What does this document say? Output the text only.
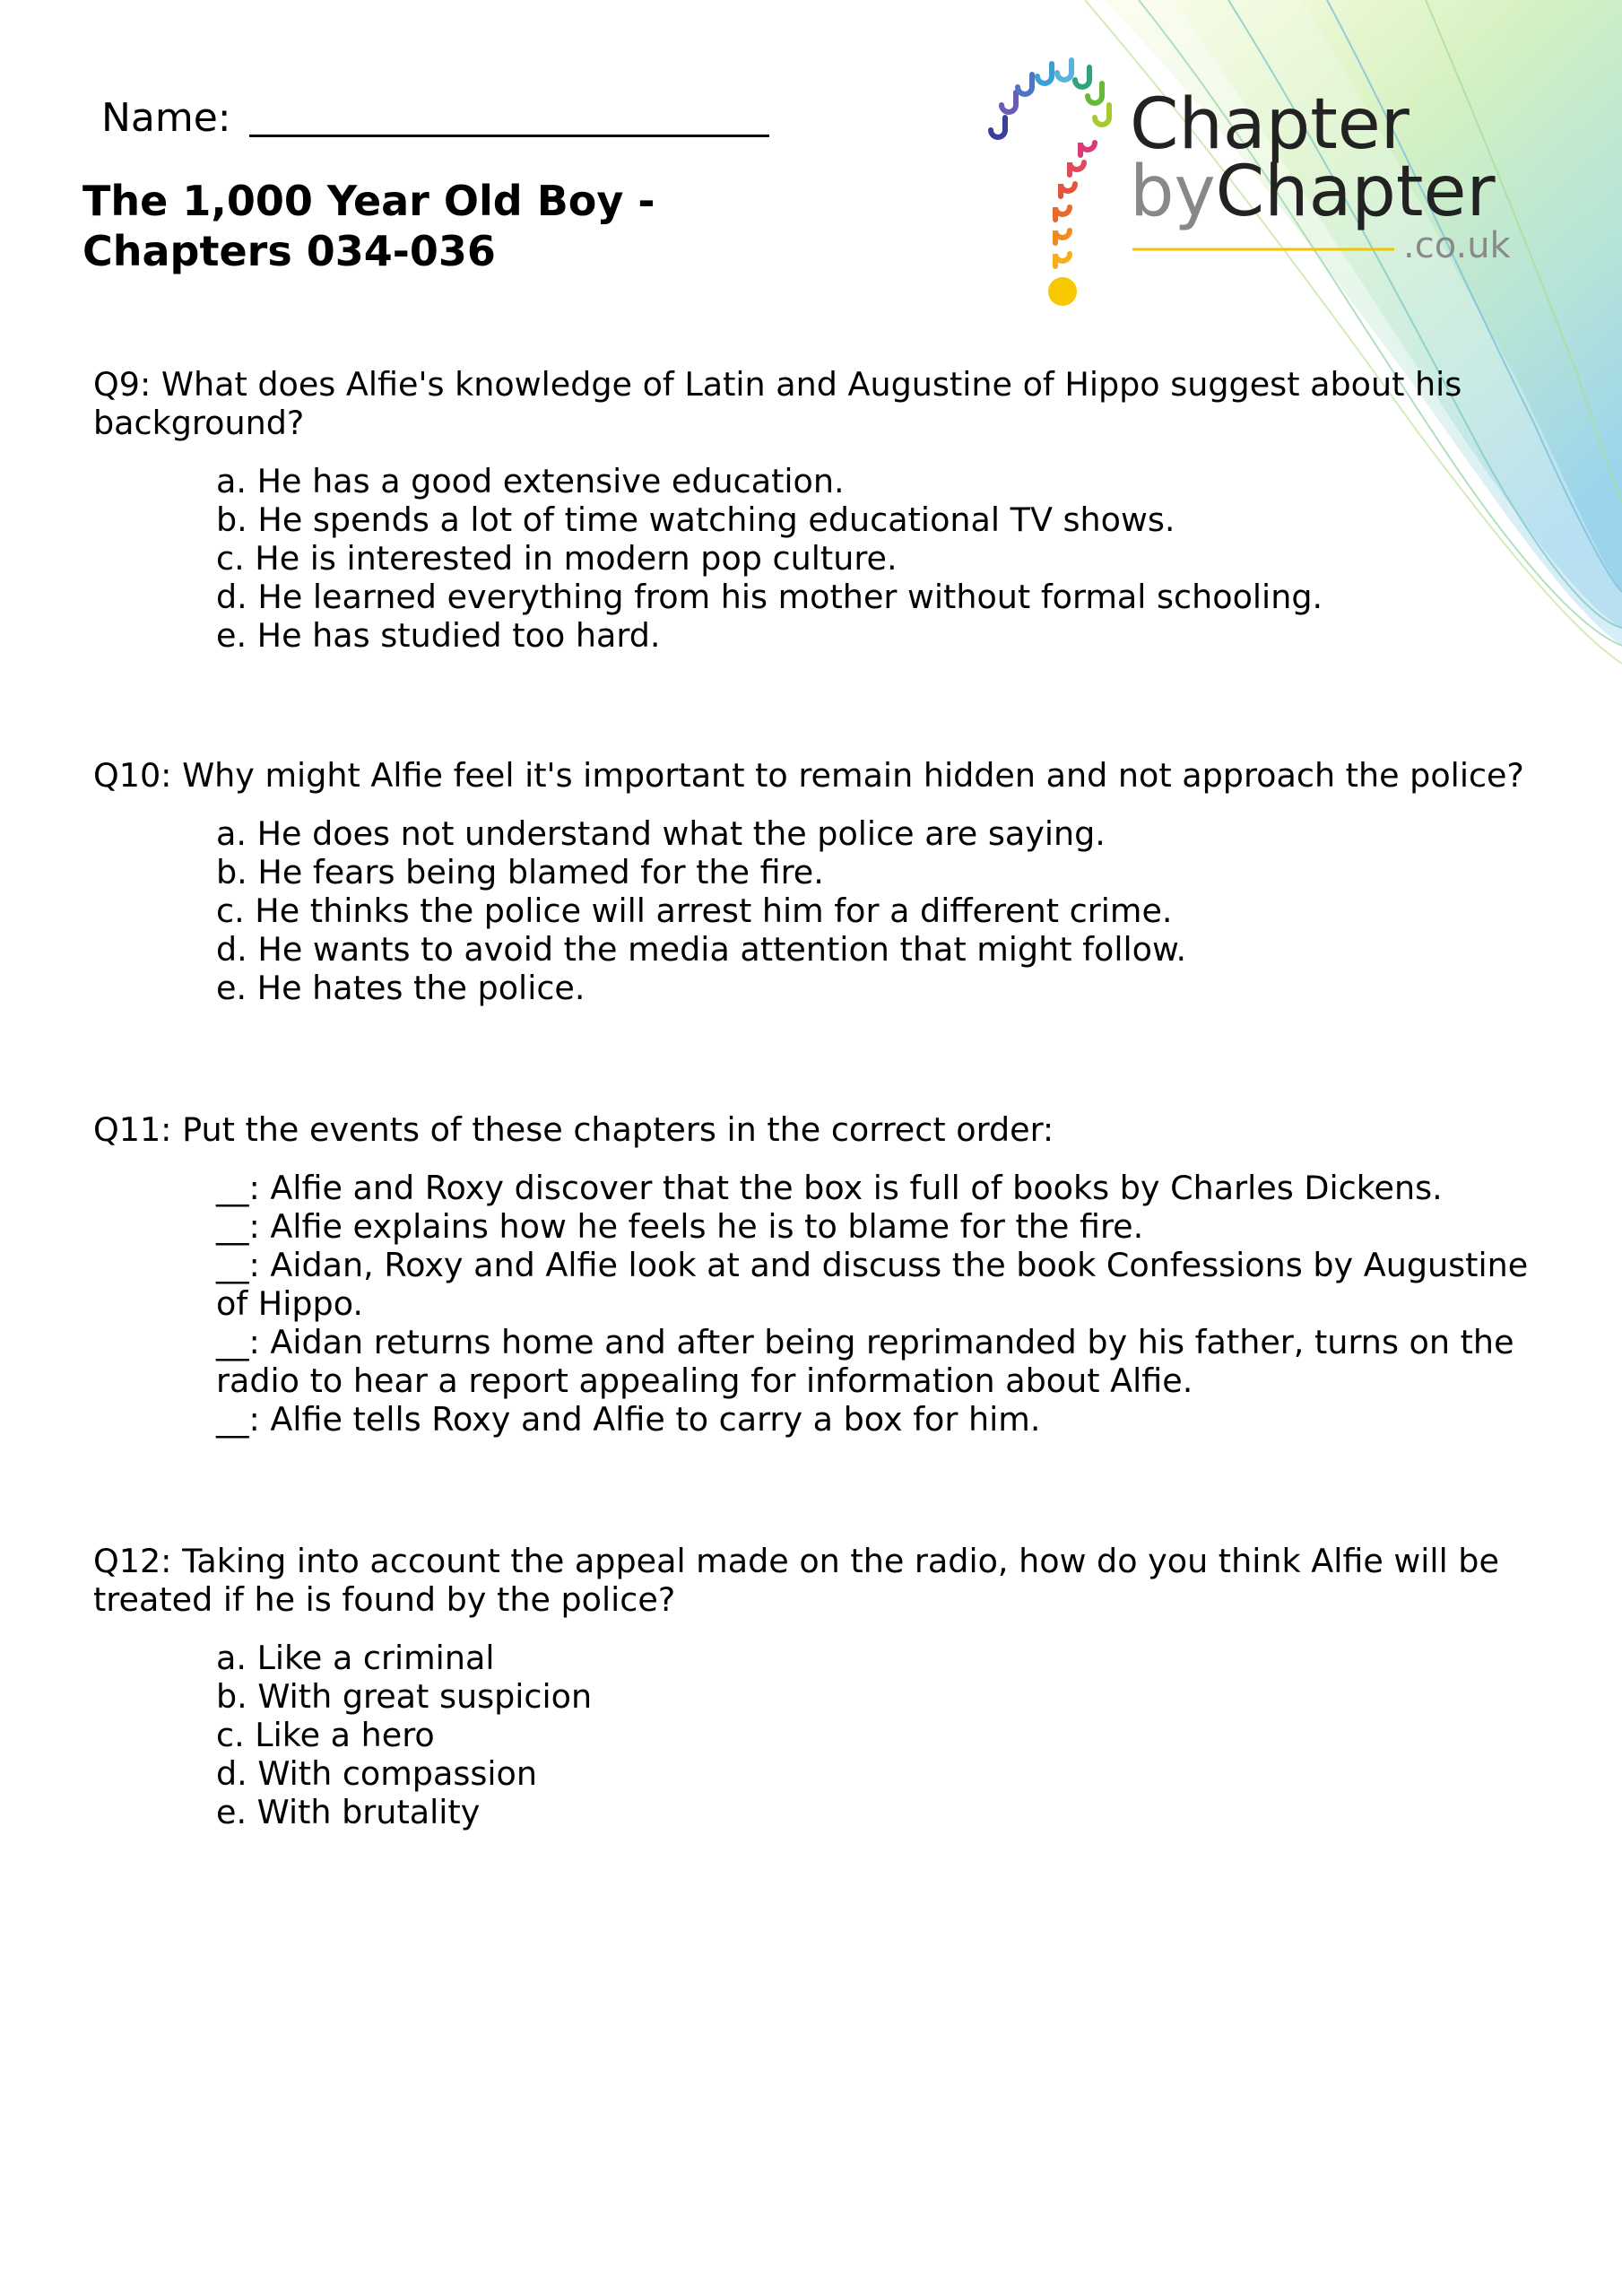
Chapter
byChapter
.co.uk
Name:
The 1,000 Year Old Boy - Chapters 034-036

Q9: What does Alfie's knowledge of Latin and Augustine of Hippo suggest about his background?

a. He has a good extensive education.
b. He spends a lot of time watching educational TV shows.
c. He is interested in modern pop culture.
d. He learned everything from his mother without formal schooling.
e. He has studied too hard.

Q10: Why might Alfie feel it's important to remain hidden and not approach the police?

a. He does not understand what the police are saying.
b. He fears being blamed for the fire.
c. He thinks the police will arrest him for a different crime.
d. He wants to avoid the media attention that might follow.
e. He hates the police.

Q11: Put the events of these chapters in the correct order:

__: Alfie and Roxy discover that the box is full of books by Charles Dickens.
__: Alfie explains how he feels he is to blame for the fire.
__: Aidan, Roxy and Alfie look at and discuss the book Confessions by Augustine of Hippo.
__: Aidan returns home and after being reprimanded by his father, turns on the radio to hear a report appealing for information about Alfie.
__: Alfie tells Roxy and Alfie to carry a box for him.

Q12: Taking into account the appeal made on the radio, how do you think Alfie will be treated if he is found by the police?

a. Like a criminal
b. With great suspicion
c. Like a hero
d. With compassion
e. With brutality
